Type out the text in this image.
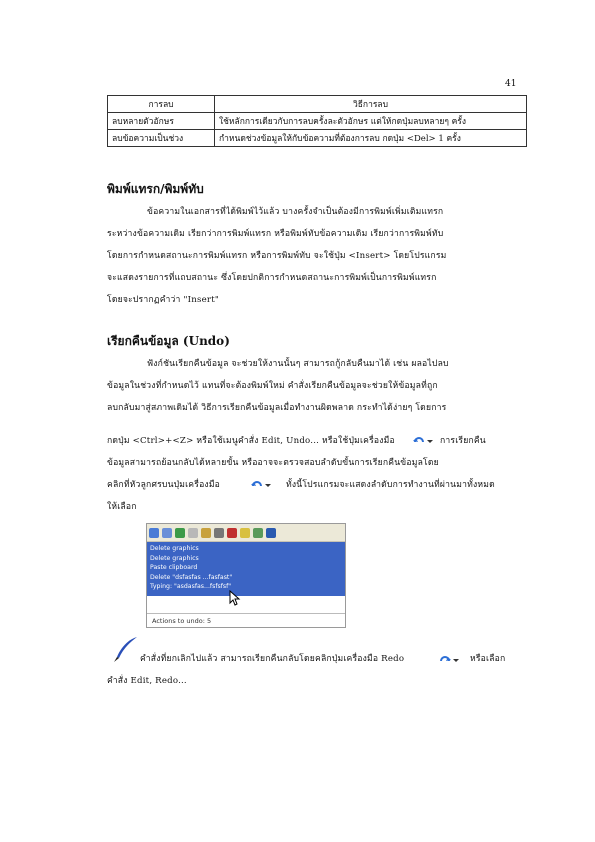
41
การลบ	วิธีการลบ
ลบหลายตัวอักษร	ใช้หลักการเดียวกับการลบครั้งละตัวอักษร แต่ให้กดปุ่มลบหลายๆ ครั้ง
ลบข้อความเป็นช่วง	กำหนดช่วงข้อมูลให้กับข้อความที่ต้องการลบ กดปุ่ม <Del> 1 ครั้ง
พิมพ์แทรก/พิมพ์ทับ
ข้อความในเอกสารที่ได้พิมพ์ไว้แล้ว บางครั้งจำเป็นต้องมีการพิมพ์เพิ่มเติมแทรก
ระหว่างข้อความเดิม เรียกว่าการพิมพ์แทรก หรือพิมพ์ทับข้อความเดิม เรียกว่าการพิมพ์ทับ
โดยการกำหนดสถานะการพิมพ์แทรก หรือการพิมพ์ทับ จะใช้ปุ่ม <Insert> โดยโปรแกรม
จะแสดงรายการที่แถบสถานะ ซึ่งโดยปกติการกำหนดสถานะการพิมพ์เป็นการพิมพ์แทรก
โดยจะปรากฏคำว่า "Insert"
เรียกคืนข้อมูล (Undo)
ฟังก์ชันเรียกคืนข้อมูล จะช่วยให้งานนั้นๆ สามารถกู้กลับคืนมาได้ เช่น ผลอไปลบ
ข้อมูลในช่วงที่กำหนดไว้ แทนที่จะต้องพิมพ์ใหม่ คำสั่งเรียกคืนข้อมูลจะช่วยให้ข้อมูลที่ถูก
ลบกลับมาสู่สภาพเดิมได้ วิธีการเรียกคืนข้อมูลเมื่อทำงานผิดพลาด กระทำได้ง่ายๆ โดยการ
กดปุ่ม <Ctrl>+<Z> หรือใช้เมนูคำสั่ง Edit, Undo... หรือใช้ปุ่มเครื่องมือ	การเรียกคืน
ข้อมูลสามารถย้อนกลับได้หลายขั้น หรืออาจจะตรวจสอบลำดับขั้นการเรียกคืนข้อมูลโดย
คลิกที่หัวลูกศรบนปุ่มเครื่องมือ	ทั้งนี้โปรแกรมจะแสดงลำดับการทำงานที่ผ่านมาทั้งหมด
ให้เลือก
Delete graphics
Delete graphics
Paste clipboard
Delete "dsfasfas ...fasfast"
Typing: "asdasfas...fsfsfsf"
Actions to undo: 5
คำสั่งที่ยกเลิกไปแล้ว สามารถเรียกคืนกลับโดยคลิกปุ่มเครื่องมือ Redo	หรือเลือก
คำสั่ง Edit, Redo...
